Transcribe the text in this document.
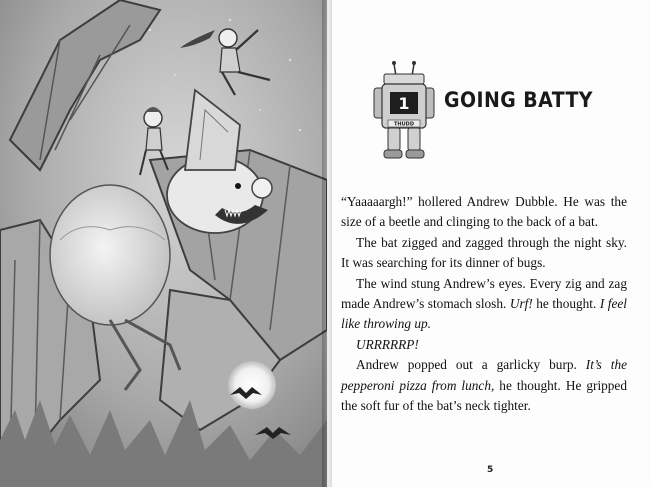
1
THUDD
GOING BATTY

“Yaaaaargh!” hollered Andrew Dubble. He was the size of a beetle and clinging to the back of a bat.

The bat zigged and zagged through the night sky. It was searching for its dinner of bugs.

The wind stung Andrew’s eyes. Every zig and zag made Andrew’s stomach slosh. Urf! he thought. I feel like throwing up.

URRRRRP!

Andrew popped out a garlicky burp. It’s the pepperoni pizza from lunch, he thought. He gripped the soft fur of the bat’s neck tighter.

5
